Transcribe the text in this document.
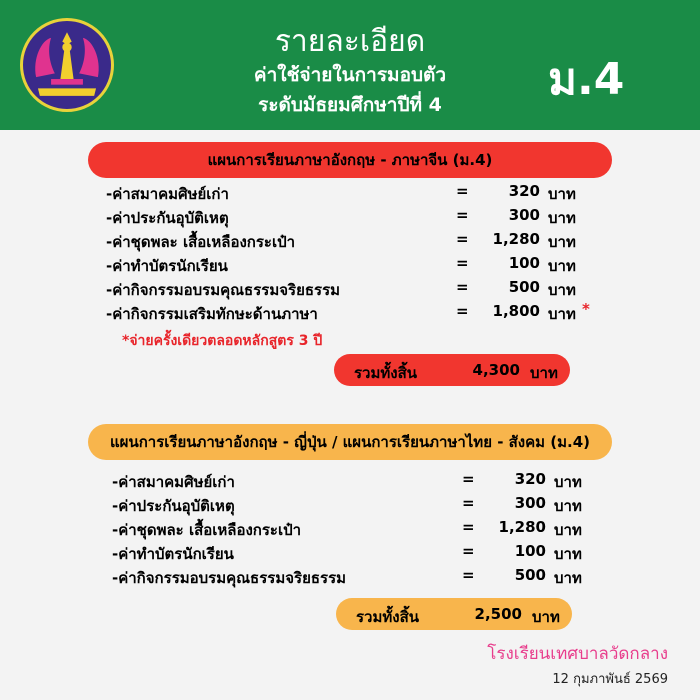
รายละเอียด
ค่าใช้จ่ายในการมอบตัว
ระดับมัธยมศึกษาปีที่ 4	ม.4
แผนการเรียนภาษาอังกฤษ - ภาษาจีน (ม.4)
-ค่าสมาคมศิษย์เก่า	=	320 บาท
-ค่าประกันอุบัติเหตุ	=	300 บาท
-ค่าชุดพละ เสื้อเหลืองกระเป๋า	=	1,280 บาท
-ค่าทำบัตรนักเรียน	=	100 บาท
-ค่ากิจกรรมอบรมคุณธรรมจริยธรรม	=	500 บาท
-ค่ากิจกรรมเสริมทักษะด้านภาษา	=	1,800 บาท *
*จ่ายครั้งเดียวตลอดหลักสูตร 3 ปี
รวมทั้งสิ้น	4,300 บาท
แผนการเรียนภาษาอังกฤษ - ญี่ปุ่น / แผนการเรียนภาษาไทย - สังคม (ม.4)
-ค่าสมาคมศิษย์เก่า	=	320 บาท
-ค่าประกันอุบัติเหตุ	=	300 บาท
-ค่าชุดพละ เสื้อเหลืองกระเป๋า	=	1,280 บาท
-ค่าทำบัตรนักเรียน	=	100 บาท
-ค่ากิจกรรมอบรมคุณธรรมจริยธรรม	=	500 บาท
รวมทั้งสิ้น	2,500 บาท
โรงเรียนเทศบาลวัดกลาง
12 กุมภาพันธ์ 2569
